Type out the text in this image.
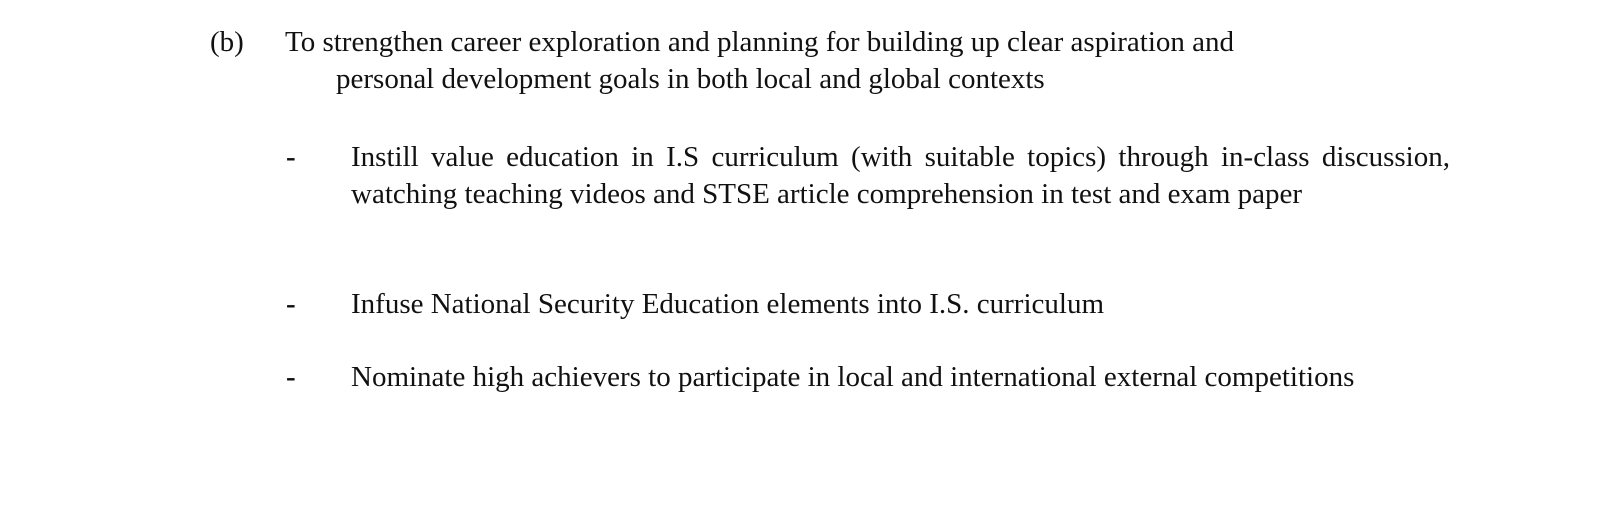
(b) To strengthen career exploration and planning for building up clear aspiration and
personal development goals in both local and global contexts
- Instill value education in I.S curriculum (with suitable topics) through in-class discussion, watching teaching videos and STSE article comprehension in test and exam paper
- Infuse National Security Education elements into I.S. curriculum
- Nominate high achievers to participate in local and international external competitions
